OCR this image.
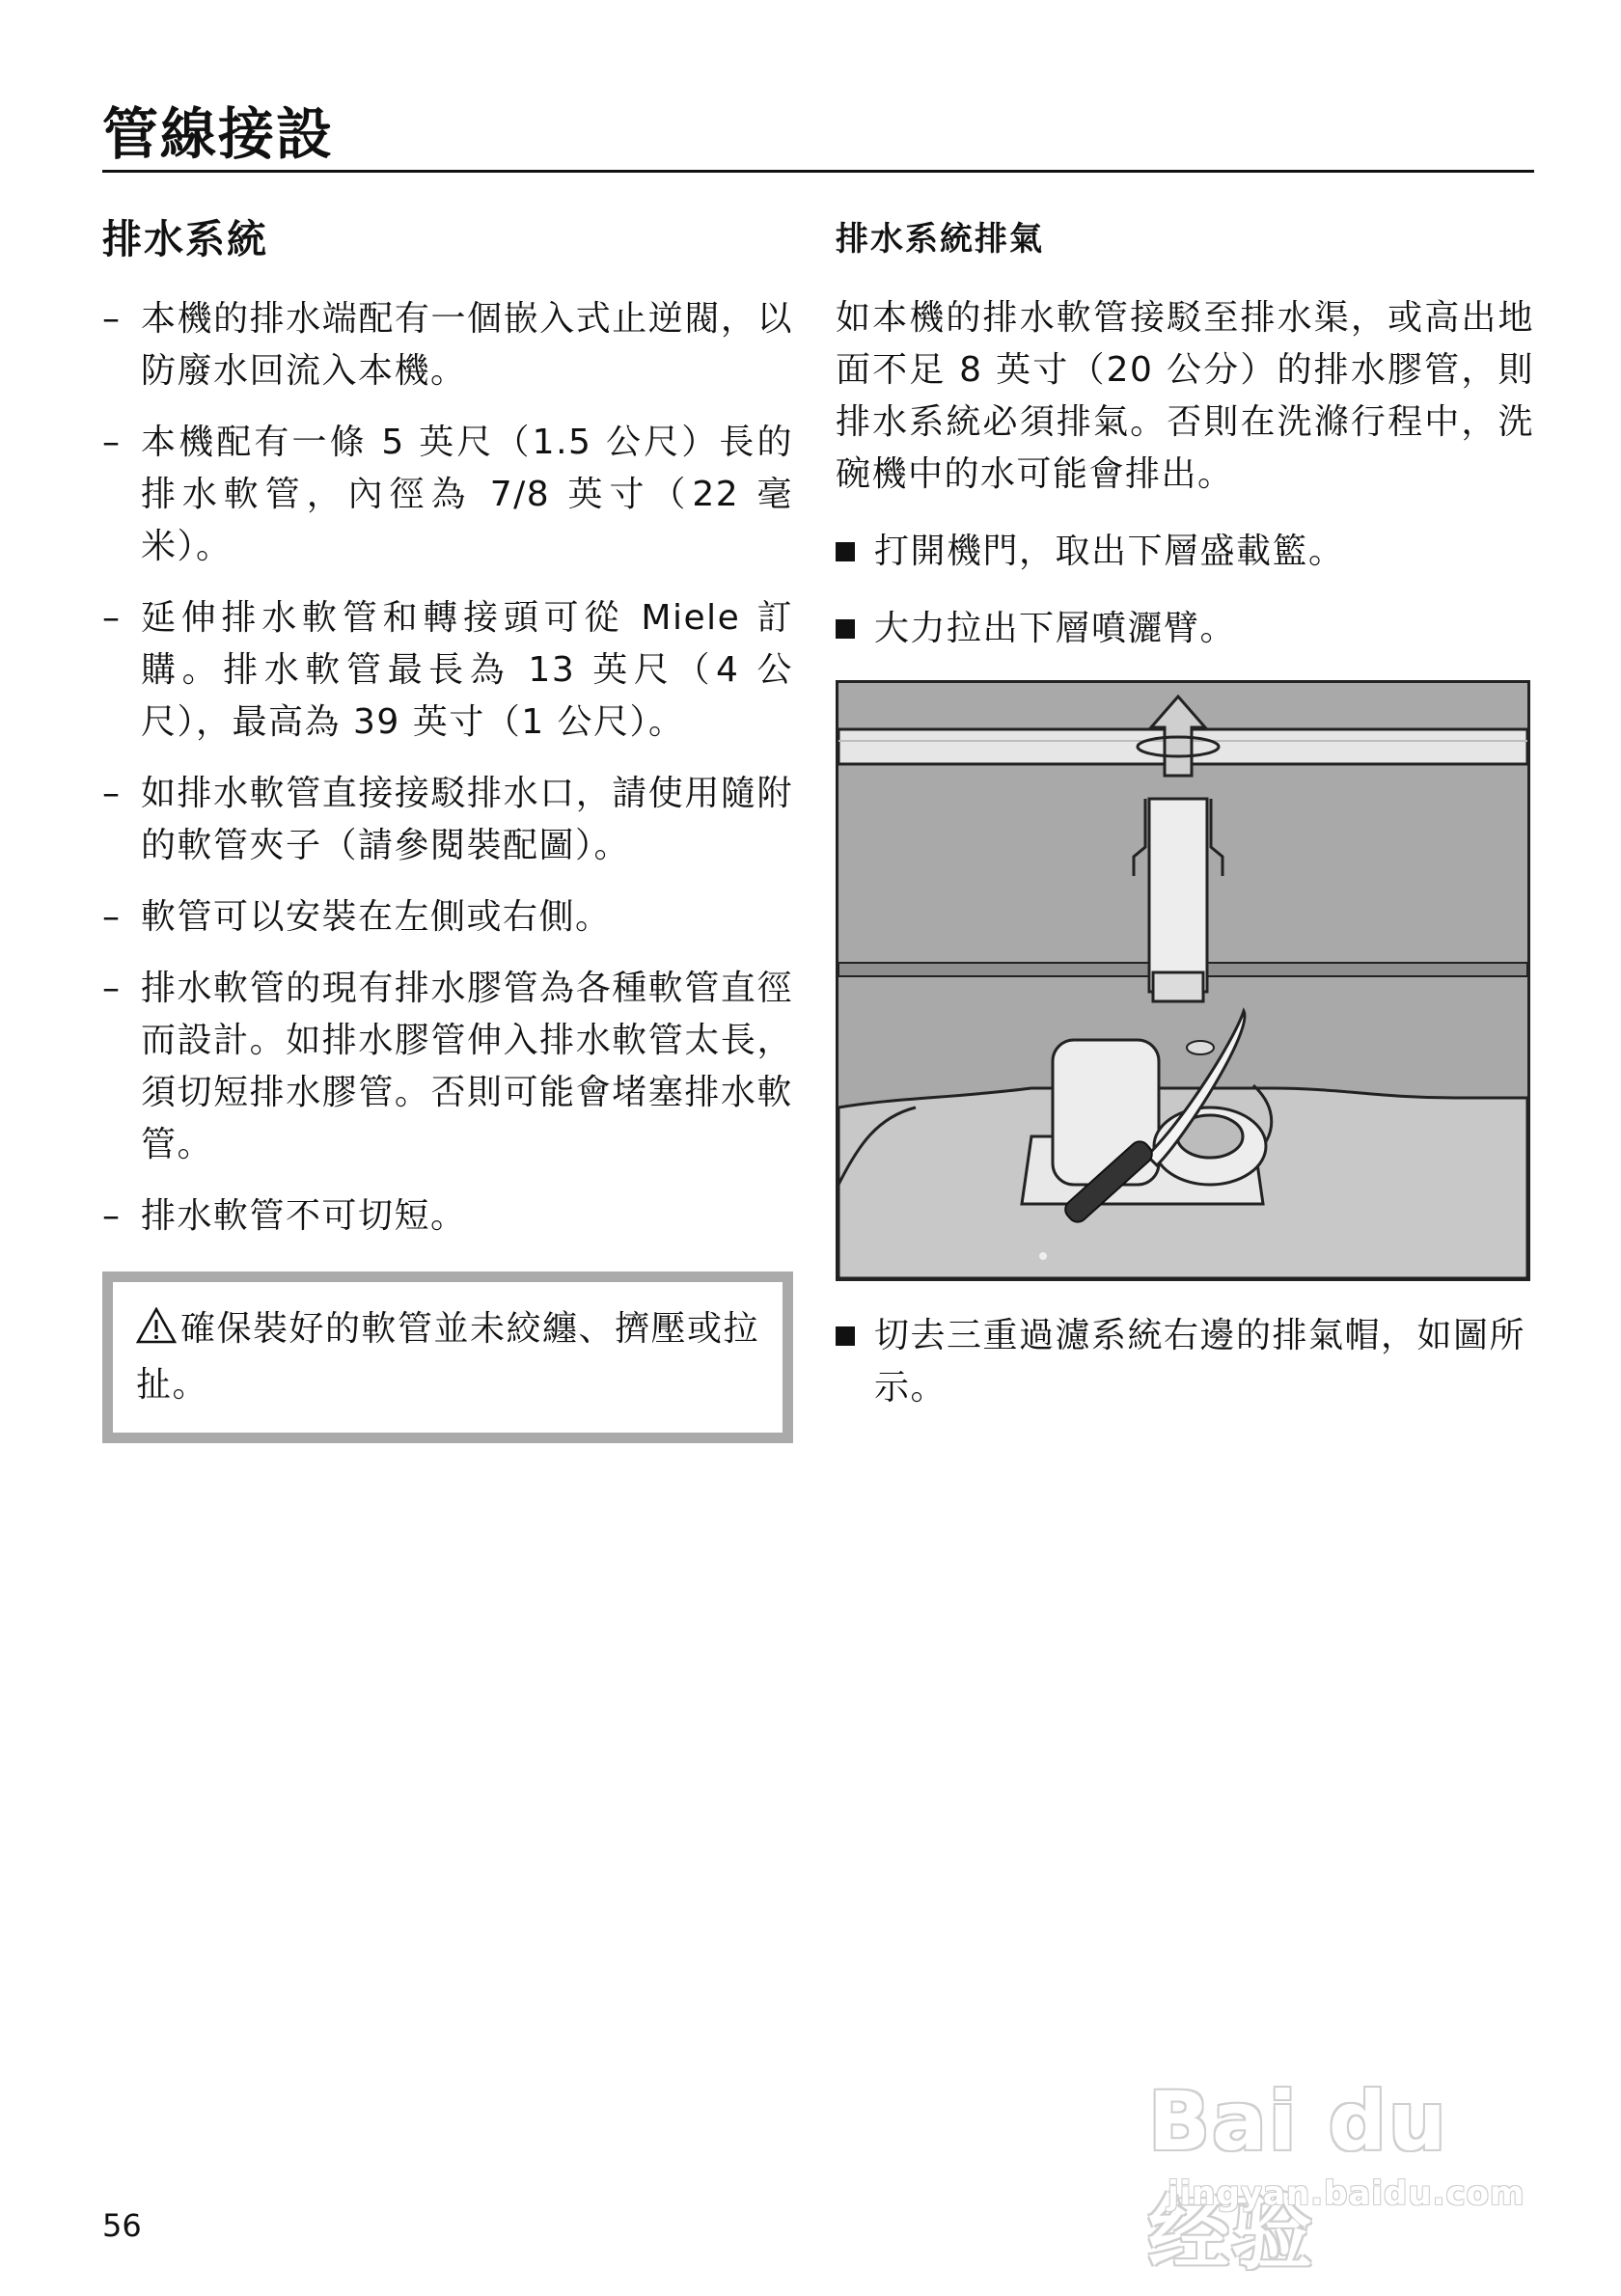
管線接設
排水系統
– 本機的排水端配有一個嵌入式止逆閥，以防廢水回流入本機。
– 本機配有一條 5 英尺（1.5 公尺）長的排水軟管，內徑為 7/8 英寸（22 毫米）。
– 延伸排水軟管和轉接頭可從 Miele 訂購。排水軟管最長為 13 英尺（4 公尺），最高為 39 英寸（1 公尺）。
– 如排水軟管直接接駁排水口，請使用隨附的軟管夾子（請參閱裝配圖）。
– 軟管可以安裝在左側或右側。
– 排水軟管的現有排水膠管為各種軟管直徑而設計。如排水膠管伸入排水軟管太長，須切短排水膠管。否則可能會堵塞排水軟管。
– 排水軟管不可切短。
確保裝好的軟管並未絞纏、擠壓或拉扯。
排水系統排氣

如本機的排水軟管接駁至排水渠，或高出地面不足 8 英寸（20 公分）的排水膠管，則排水系統必須排氣。否則在洗滌行程中，洗碗機中的水可能會排出。

打開機門，取出下層盛載籃。
大力拉出下層噴灑臂。
切去三重過濾系統右邊的排氣帽，如圖所示。
56
Bai du 经验
jingyan.baidu.com
